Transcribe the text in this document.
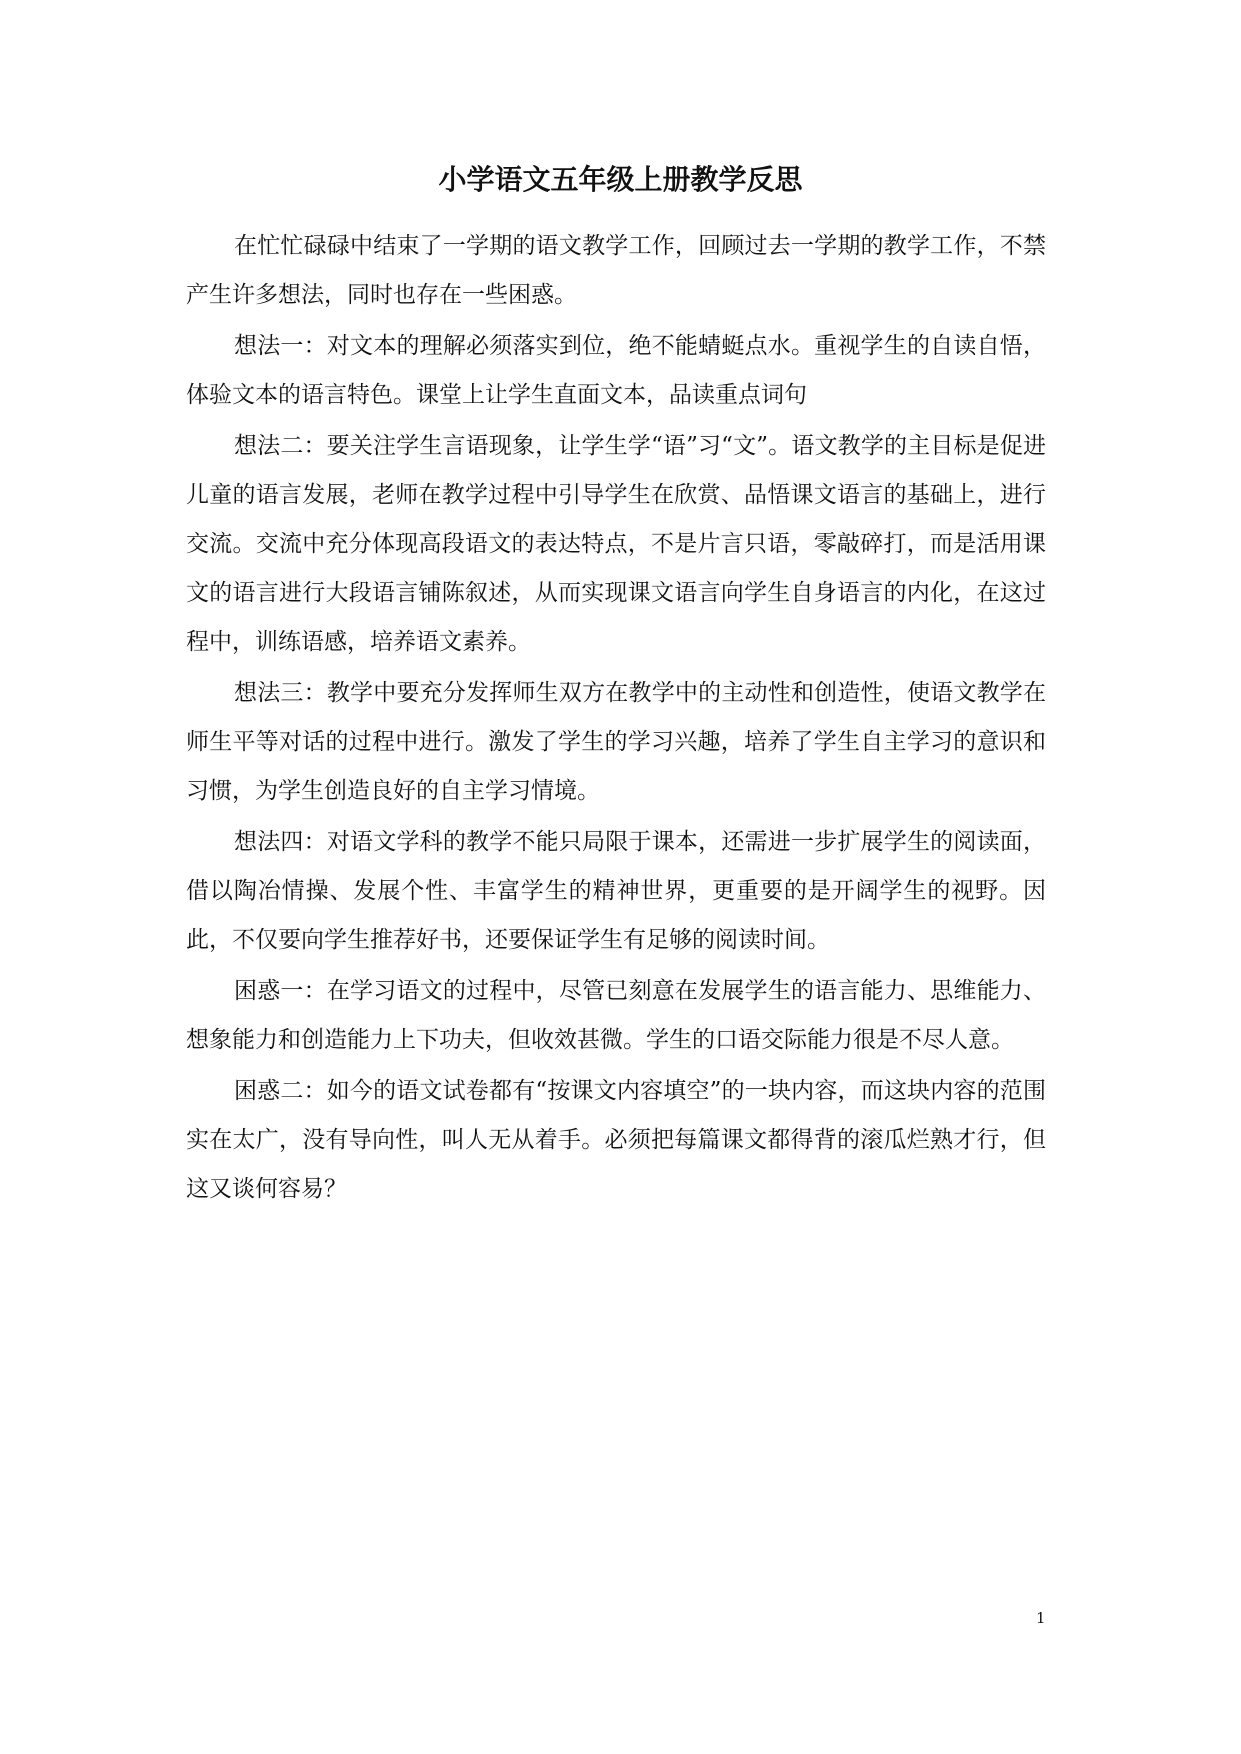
小学语文五年级上册教学反思

在忙忙碌碌中结束了一学期的语文教学工作，回顾过去一学期的教学工作，不禁产生许多想法，同时也存在一些困惑。

想法一：对文本的理解必须落实到位，绝不能蜻蜓点水。重视学生的自读自悟，体验文本的语言特色。课堂上让学生直面文本，品读重点词句

想法二：要关注学生言语现象，让学生学“语”习“文”。语文教学的主目标是促进儿童的语言发展，老师在教学过程中引导学生在欣赏、品悟课文语言的基础上，进行交流。交流中充分体现高段语文的表达特点，不是片言只语，零敲碎打，而是活用课文的语言进行大段语言铺陈叙述，从而实现课文语言向学生自身语言的内化，在这过程中，训练语感，培养语文素养。

想法三：教学中要充分发挥师生双方在教学中的主动性和创造性，使语文教学在师生平等对话的过程中进行。激发了学生的学习兴趣，培养了学生自主学习的意识和习惯，为学生创造良好的自主学习情境。

想法四：对语文学科的教学不能只局限于课本，还需进一步扩展学生的阅读面，借以陶冶情操、发展个性、丰富学生的精神世界，更重要的是开阔学生的视野。因此，不仅要向学生推荐好书，还要保证学生有足够的阅读时间。

困惑一：在学习语文的过程中，尽管已刻意在发展学生的语言能力、思维能力、想象能力和创造能力上下功夫，但收效甚微。学生的口语交际能力很是不尽人意。

困惑二：如今的语文试卷都有“按课文内容填空”的一块内容，而这块内容的范围实在太广，没有导向性，叫人无从着手。必须把每篇课文都得背的滚瓜烂熟才行，但这又谈何容易？

1
